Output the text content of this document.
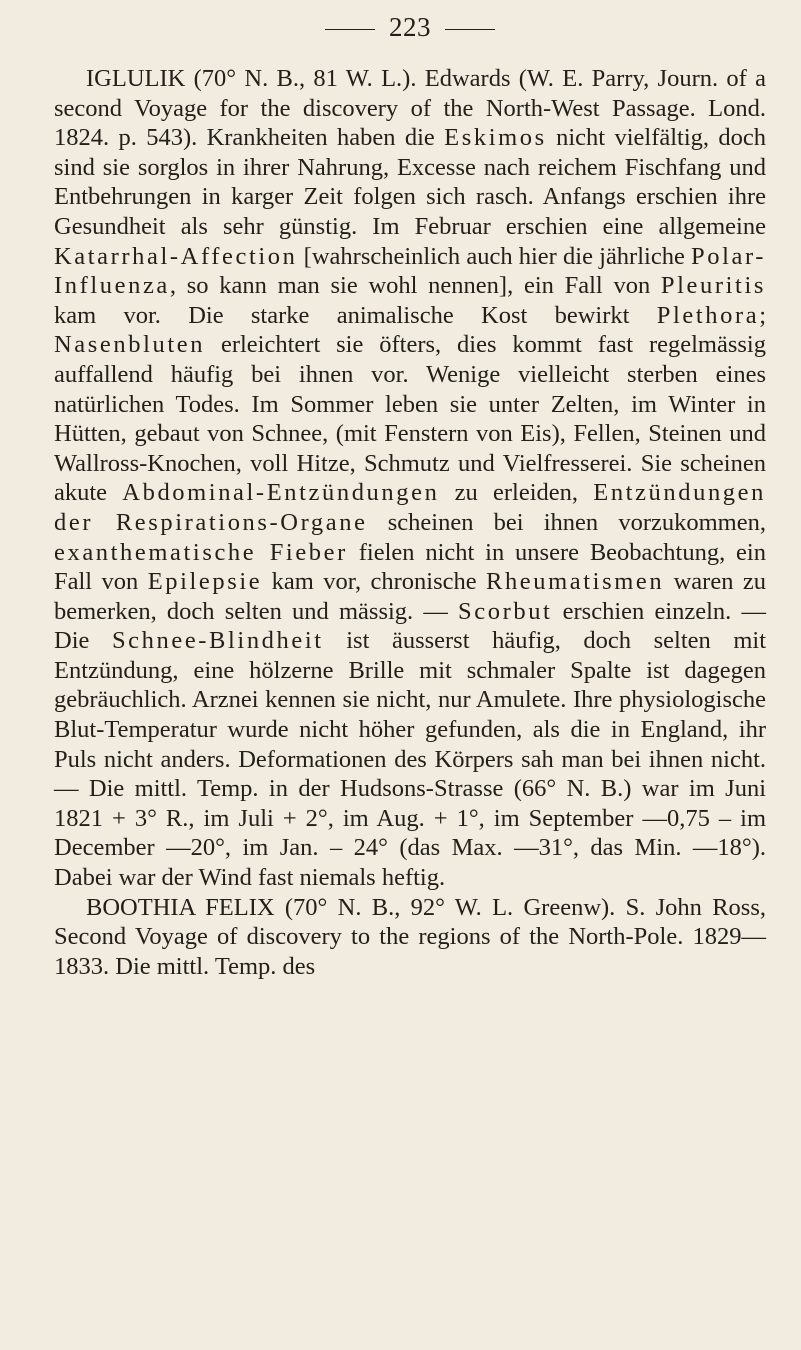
223

IGLULIK (70° N. B., 81 W. L.). Edwards (W. E. Parry, Journ. of a second Voyage for the discovery of the North-West Passage. Lond. 1824. p. 543). Krankheiten haben die Eskimos nicht vielfältig, doch sind sie sorglos in ihrer Nahrung, Excesse nach reichem Fischfang und Entbehrungen in karger Zeit folgen sich rasch. Anfangs erschien ihre Gesundheit als sehr günstig. Im Februar erschien eine allgemeine Katarrhal-Affection [wahrscheinlich auch hier die jährliche Polar-Influenza, so kann man sie wohl nennen], ein Fall von Pleuritis kam vor. Die starke animalische Kost bewirkt Plethora; Nasenbluten erleichtert sie öfters, dies kommt fast regelmässig auffallend häufig bei ihnen vor. Wenige vielleicht sterben eines natürlichen Todes. Im Sommer leben sie unter Zelten, im Winter in Hütten, gebaut von Schnee, (mit Fenstern von Eis), Fellen, Steinen und Wallross-Knochen, voll Hitze, Schmutz und Vielfresserei. Sie scheinen akute Abdominal-Entzündungen zu erleiden, Entzündungen der Respirations-Organe scheinen bei ihnen vorzukommen, exanthematische Fieber fielen nicht in unsere Beobachtung, ein Fall von Epilepsie kam vor, chronische Rheumatismen waren zu bemerken, doch selten und mässig. — Scorbut erschien einzeln. — Die Schnee-Blindheit ist äusserst häufig, doch selten mit Entzündung, eine hölzerne Brille mit schmaler Spalte ist dagegen gebräuchlich. Arznei kennen sie nicht, nur Amulete. Ihre physiologische Blut-Temperatur wurde nicht höher gefunden, als die in England, ihr Puls nicht anders. Deformationen des Körpers sah man bei ihnen nicht. — Die mittl. Temp. in der Hudsons-Strasse (66° N. B.) war im Juni 1821 + 3° R., im Juli + 2°, im Aug. + 1°, im September —0,75 – im December —20°, im Jan. – 24° (das Max. —31°, das Min. —18°). Dabei war der Wind fast niemals heftig.

BOOTHIA FELIX (70° N. B., 92° W. L. Greenw). S. John Ross, Second Voyage of discovery to the regions of the North-Pole. 1829—1833. Die mittl. Temp. des
